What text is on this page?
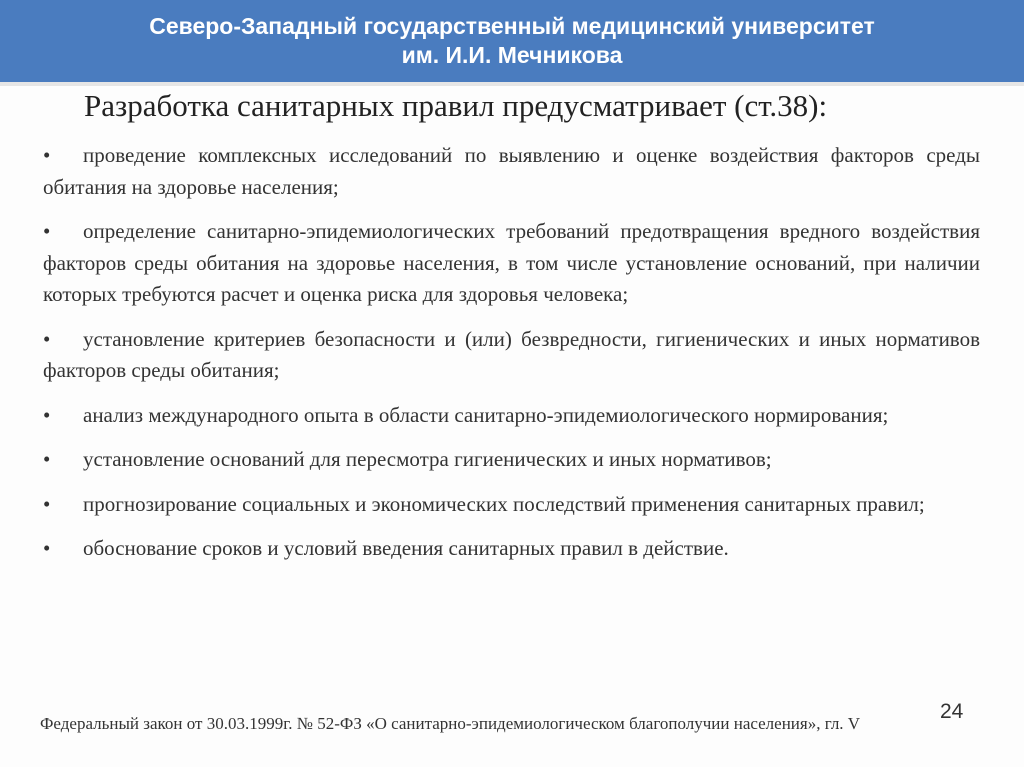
Северо-Западный государственный медицинский университет
им. И.И. Мечникова
Разработка санитарных правил предусматривает (ст.38):
• проведение комплексных исследований по выявлению и оценке воздействия факторов среды обитания на здоровье населения;
• определение санитарно-эпидемиологических требований предотвращения вредного воздействия факторов среды обитания на здоровье населения, в том числе установление оснований, при наличии которых требуются расчет и оценка риска для здоровья человека;
• установление критериев безопасности и (или) безвредности, гигиенических и иных нормативов факторов среды обитания;
• анализ международного опыта в области санитарно-эпидемиологического нормирования;
• установление оснований для пересмотра гигиенических и иных нормативов;
• прогнозирование социальных и экономических последствий применения санитарных правил;
• обоснование сроков и условий введения санитарных правил в действие.
24
Федеральный закон от 30.03.1999г. № 52-ФЗ «О санитарно-эпидемиологическом благополучии населения», гл. V
